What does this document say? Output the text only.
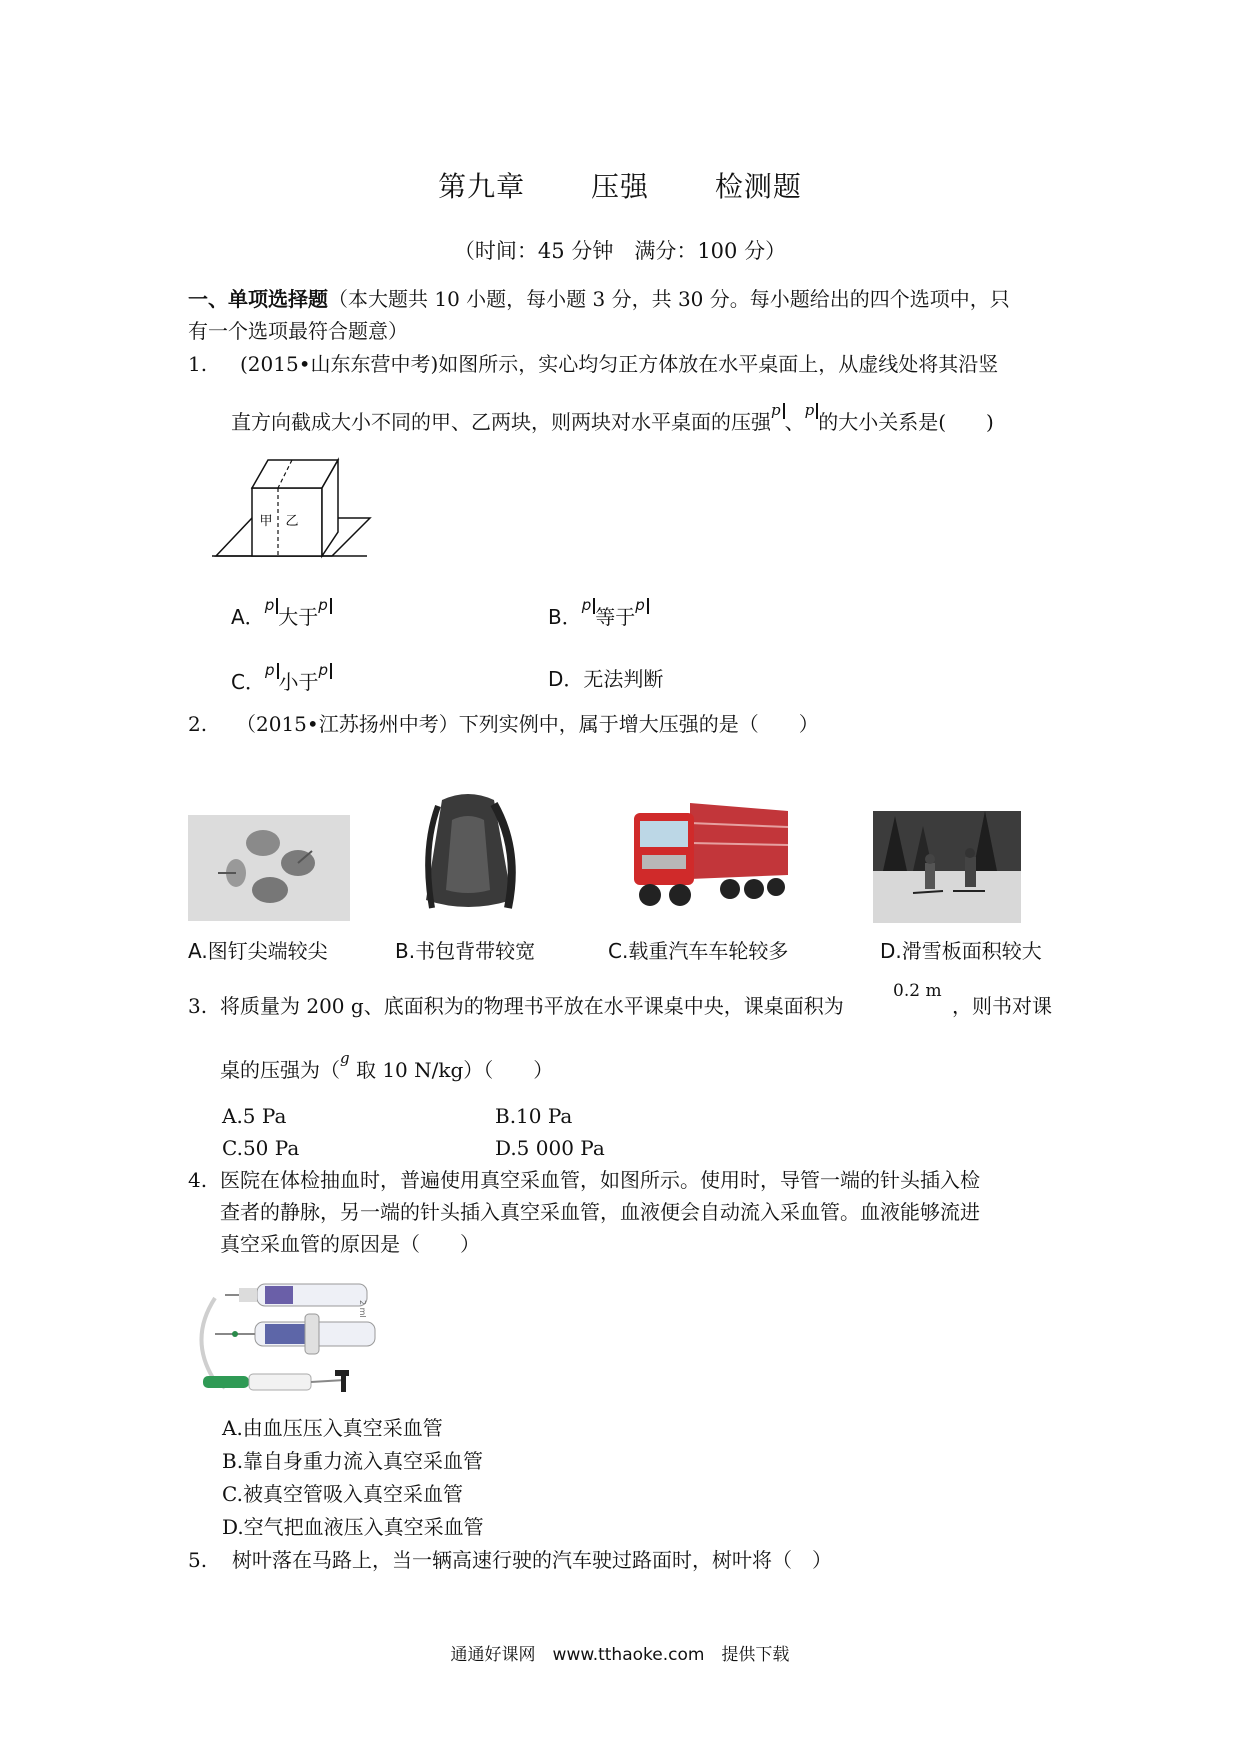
第九章 压强 检测题
（时间：45 分钟　满分：100 分）
一、单项选择题（本大题共 10 小题，每小题 3 分，共 30 分。每小题给出的四个选项中，只
有一个选项最符合题意）
1. (2015•山东东营中考)如图所示，实心均匀正方体放在水平桌面上，从虚线处将其沿竖
直方向截成大小不同的甲、乙两块，则两块对水平桌面的压强$^p$ 、$^p$ 的大小关系是(　　)
甲 乙
A．$^p$ 大于$^p$	B．$^p$ 等于$^p$
C．$^p$ 小于$^p$	D．无法判断
2. （2015•江苏扬州中考）下列实例中，属于增大压强的是（　　）
A.图钉尖端较尖	B.书包背带较宽	C.载重汽车车轮较多	D.滑雪板面积较大
3. 将质量为 200 g、底面积为的物理书平放在水平课桌中央，课桌面积为
0.2 m
，则书对课
桌的压强为（$^g$ 取 10 N/kg）（　　）
A.5 Pa	B.10 Pa
C.50 Pa	D.5 000 Pa
4. 医院在体检抽血时，普遍使用真空采血管，如图所示。使用时，导管一端的针头插入检
查者的静脉，另一端的针头插入真空采血管，血液便会自动流入采血管。血液能够流进
真空采血管的原因是（　　）
2 ml
A.由血压压入真空采血管
B.靠自身重力流入真空采血管
C.被真空管吸入真空采血管
D.空气把血液压入真空采血管
5. 树叶落在马路上，当一辆高速行驶的汽车驶过路面时，树叶将（　）
通通好课网　www.tthaoke.com　提供下载
